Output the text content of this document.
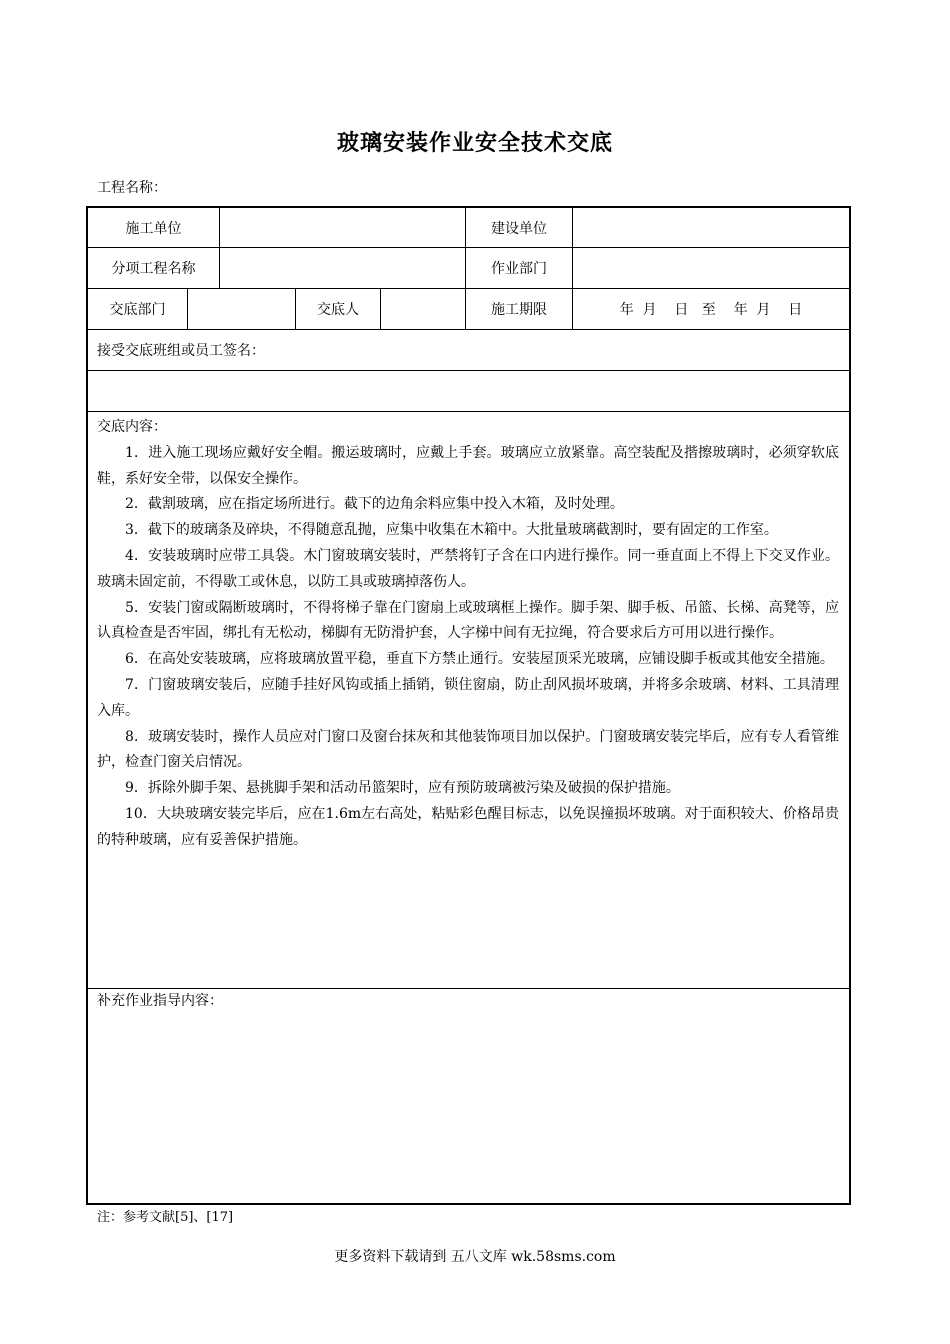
玻璃安装作业安全技术交底
工程名称：
施工单位	建设单位
分项工程名称	作业部门
交底部门	交底人	施工期限	年  月    日   至    年  月    日
接受交底班组或员工签名：

交底内容：

1．进入施工现场应戴好安全帽。搬运玻璃时，应戴上手套。玻璃应立放紧靠。高空装配及揩擦玻璃时，必须穿软底鞋，系好安全带，以保安全操作。

2．截割玻璃，应在指定场所进行。截下的边角余料应集中投入木箱，及时处理。

3．截下的玻璃条及碎块，不得随意乱抛，应集中收集在木箱中。大批量玻璃截割时，要有固定的工作室。

4．安装玻璃时应带工具袋。木门窗玻璃安装时，严禁将钉子含在口内进行操作。同一垂直面上不得上下交叉作业。玻璃未固定前，不得歇工或休息，以防工具或玻璃掉落伤人。

5．安装门窗或隔断玻璃时，不得将梯子靠在门窗扇上或玻璃框上操作。脚手架、脚手板、吊篮、长梯、高凳等，应认真检查是否牢固，绑扎有无松动，梯脚有无防滑护套，人字梯中间有无拉绳，符合要求后方可用以进行操作。

6．在高处安装玻璃，应将玻璃放置平稳，垂直下方禁止通行。安装屋顶采光玻璃，应铺设脚手板或其他安全措施。

7．门窗玻璃安装后，应随手挂好风钩或插上插销，锁住窗扇，防止刮风损坏玻璃，并将多余玻璃、材料、工具清理入库。

8．玻璃安装时，操作人员应对门窗口及窗台抹灰和其他装饰项目加以保护。门窗玻璃安装完毕后，应有专人看管维护，检查门窗关启情况。

9．拆除外脚手架、悬挑脚手架和活动吊篮架时，应有预防玻璃被污染及破损的保护措施。

10．大块玻璃安装完毕后，应在1.6m左右高处，粘贴彩色醒目标志，以免误撞损坏玻璃。对于面积较大、价格昂贵的特种玻璃，应有妥善保护措施。

补充作业指导内容：
注：参考文献[5]、[17]
更多资料下载请到 五八文库 wk.58sms.com
